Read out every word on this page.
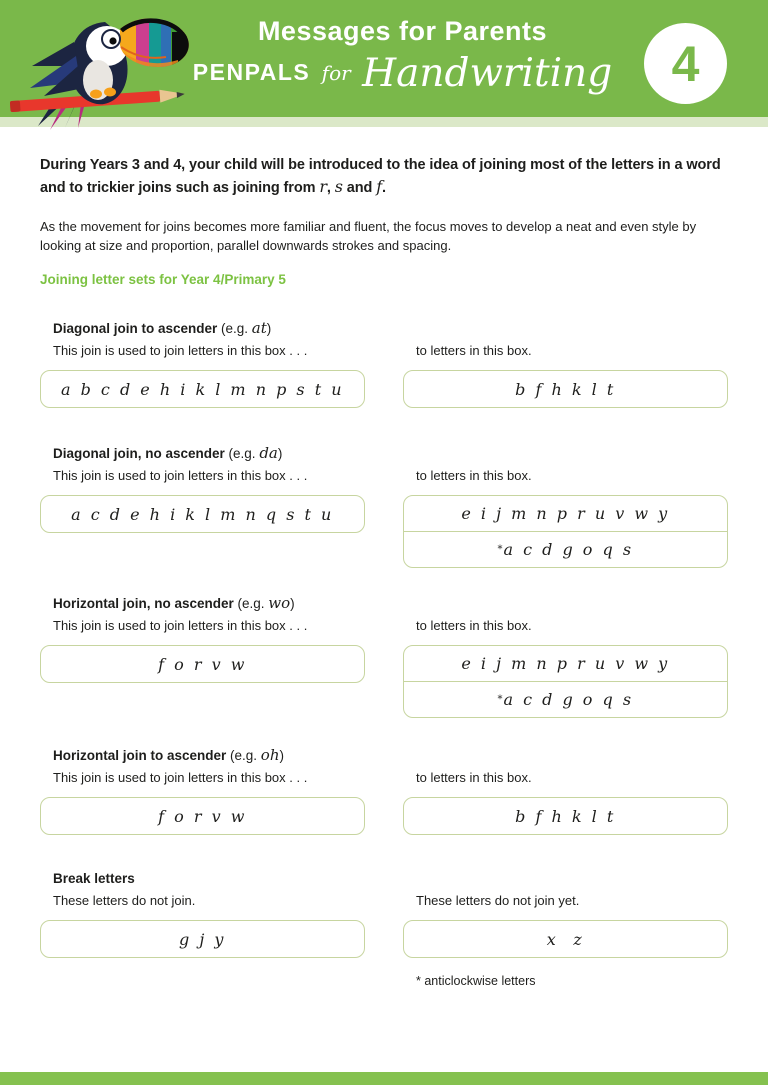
Messages for Parents
PENPALS for Handwriting 4

During Years 3 and 4, your child will be introduced to the idea of joining most of the letters in a word and to trickier joins such as joining from r, s and f.

As the movement for joins becomes more familiar and fluent, the focus moves to develop a neat and even style by looking at size and proportion, parallel downwards strokes and spacing.

Joining letter sets for Year 4/Primary 5

Diagonal join to ascender (e.g. at)
This join is used to join letters in this box . . .	to letters in this box.
a b c d e h i k l m n p s t u	b f h k l t
Diagonal join, no ascender (e.g. da)
This join is used to join letters in this box . . .	to letters in this box.
a c d e h i k l m n q s t u	e i j m n p r u v w y
* a c d g o q s
Horizontal join, no ascender (e.g. wo)
This join is used to join letters in this box . . .	to letters in this box.
f o r v w	e i j m n p r u v w y
* a c d g o q s
Horizontal join to ascender (e.g. oh)
This join is used to join letters in this box . . .	to letters in this box.
f o r v w	b f h k l t
Break letters
These letters do not join.	These letters do not join yet.
g j y	x  z
* anticlockwise letters
